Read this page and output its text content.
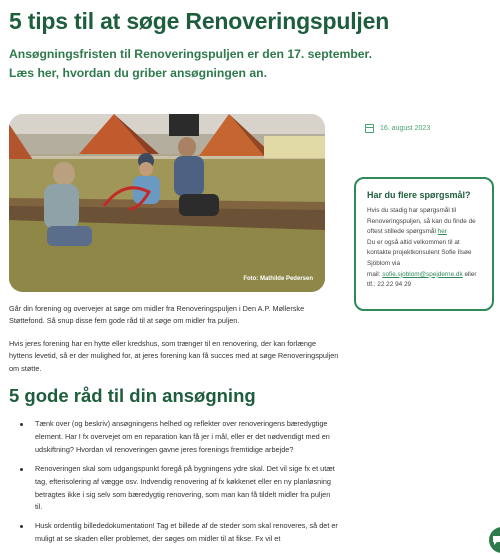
5 tips til at søge Renoveringspuljen

Ansøgningsfristen til Renoveringspuljen er den 17. september. Læs her, hvordan du griber ansøgningen an.

Foto: Mathilde Pedersen
16. august 2023
Har du flere spørgsmål?

Hvis du stadig har spørgsmål til Renoveringspuljen, så kan du finde de oftest stillede spørgsmål her
Du er også altid velkommen til at kontakte projektkonsulent Sofie Ilsøe Sjöblom via
mail: sofie.sjoblom@spejderne.dk eller tlf.: 22 22 94 29

Går din forening og overvejer at søge om midler fra Renoveringspuljen i Den A.P. Møllerske Støttefond. Så snup disse fem gode råd til at søge om midler fra puljen.

Hvis jeres forening har en hytte eller kredshus, som trænger til en renovering, der kan forlænge hyttens levetid, så er der mulighed for, at jeres forening kan få succes med at søge Renoveringspuljen om støtte.

5 gode råd til din ansøgning
Tænk over (og beskriv) ansøgningens helhed og reflekter over renoveringens bæredygtige element. Har I fx overvejet om en reparation kan få jer i mål, eller er det nødvendigt med en udskiftning? Hvordan vil renoveringen gavne jeres forenings fremtidige arbejde?
Renoveringen skal som udgangspunkt foregå på bygningens ydre skal. Det vil sige fx et utæt tag, efterisolering af vægge osv. Indvendig renovering af fx køkkenet eller en ny planløsning betragtes ikke i sig selv som bæredygtig renovering, som man kan få tildelt midler fra puljen til.
Husk ordentlig billededokumentation! Tag et billede af de steder som skal renoveres, så det er muligt at se skaden eller problemet, der søges om midler til at fikse. Fx vil et
